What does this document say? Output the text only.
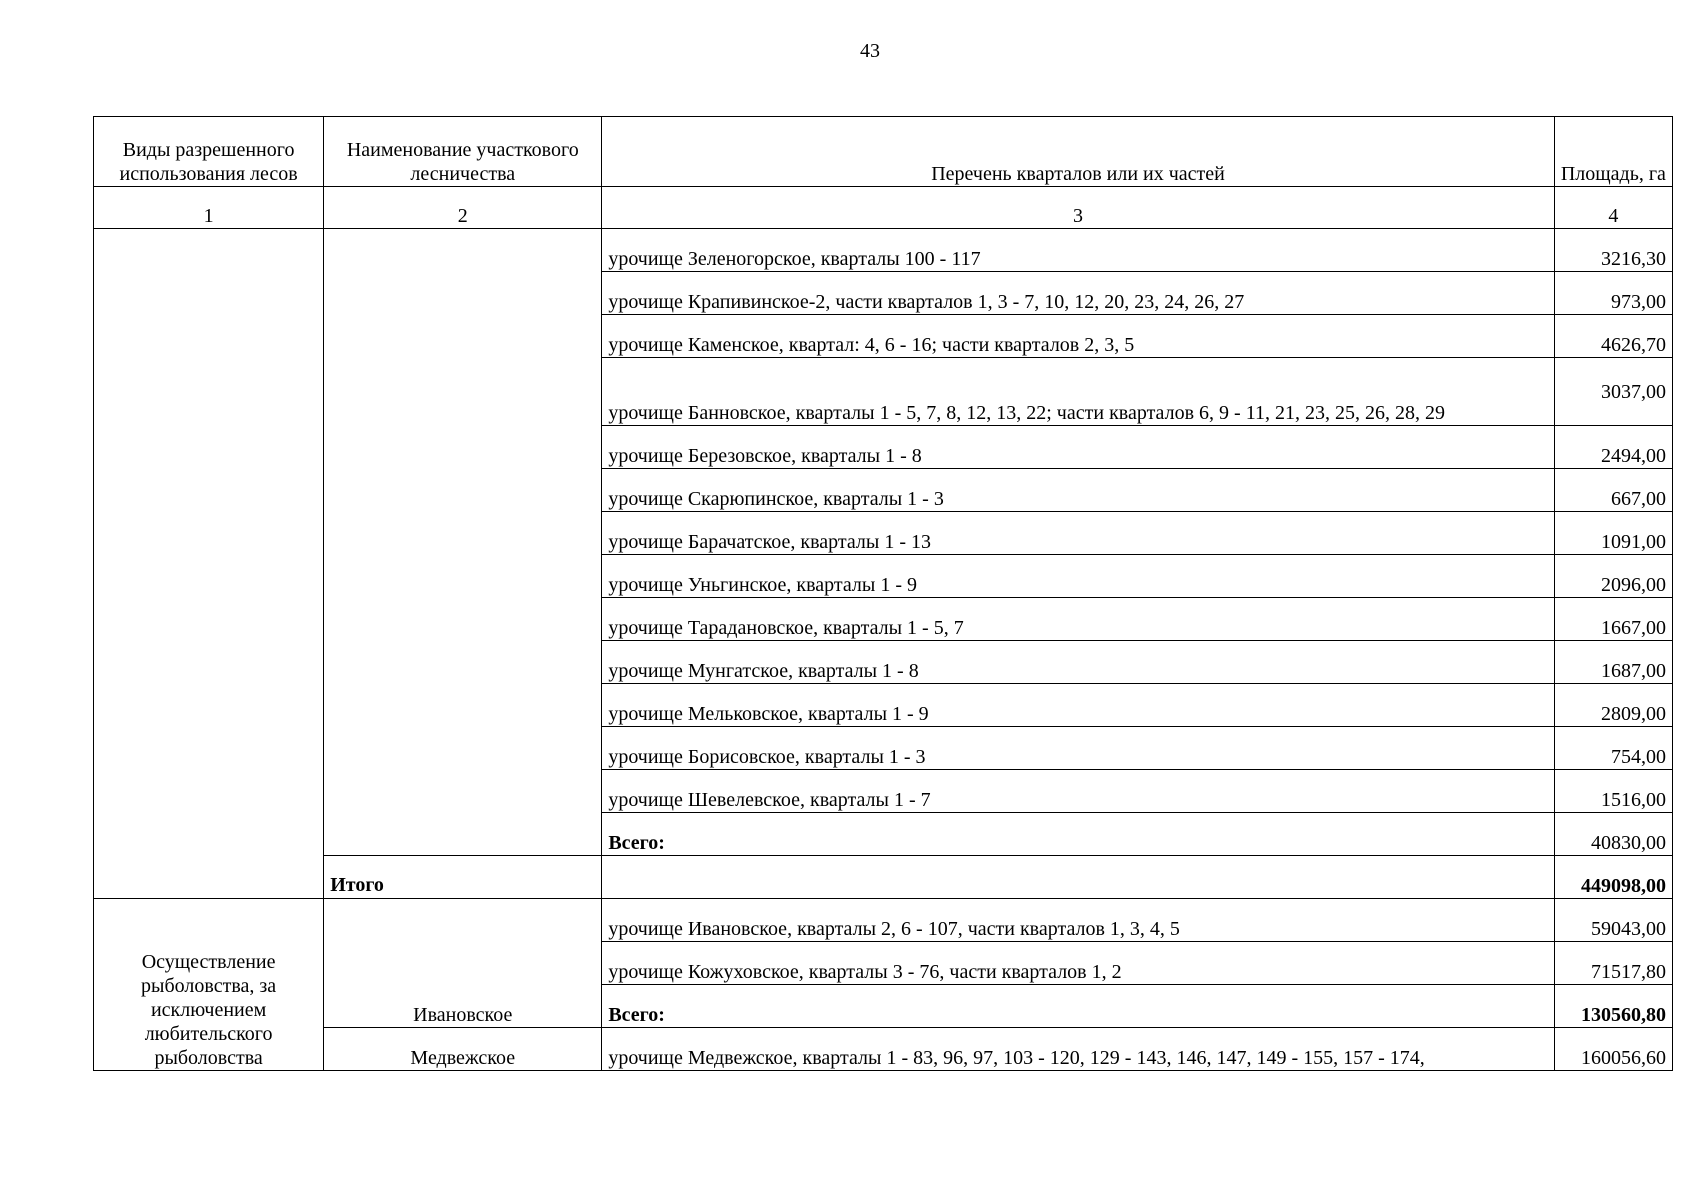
43
Виды разрешенного использования лесов	Наименование участкового лесничества	Перечень кварталов или их частей	Площадь, га
1	2	3	4
		урочище Зеленогорское, кварталы 100 - 117	3216,30
		урочище Крапивинское-2, части кварталов 1, 3 - 7, 10, 12, 20, 23, 24, 26, 27	973,00
		урочище Каменское, квартал: 4, 6 - 16; части кварталов 2, 3, 5	4626,70
		урочище Банновское, кварталы 1 - 5, 7, 8, 12, 13, 22; части кварталов 6, 9 - 11, 21, 23, 25, 26, 28, 29	3037,00
		урочище Березовское, кварталы 1 - 8	2494,00
		урочище Скарюпинское, кварталы 1 - 3	667,00
		урочище Барачатское, кварталы 1 - 13	1091,00
		урочище Уньгинское, кварталы 1 - 9	2096,00
		урочище Тарадановское, кварталы 1 - 5, 7	1667,00
		урочище Мунгатское, кварталы 1 - 8	1687,00
		урочище Мельковское, кварталы 1 - 9	2809,00
		урочище Борисовское, кварталы 1 - 3	754,00
		урочище Шевелевское, кварталы 1 - 7	1516,00
		Всего:	40830,00
	Итого		449098,00
Осуществление рыболовства, за исключением любительского рыболовства	Ивановское	урочище Ивановское, кварталы 2, 6 - 107, части кварталов 1, 3, 4, 5	59043,00
		урочище Кожуховское, кварталы 3 - 76, части кварталов 1, 2	71517,80
		Всего:	130560,80
	Медвежское	урочище Медвежское, кварталы 1 - 83, 96, 97, 103 - 120, 129 - 143, 146, 147, 149 - 155, 157 - 174,	160056,60
